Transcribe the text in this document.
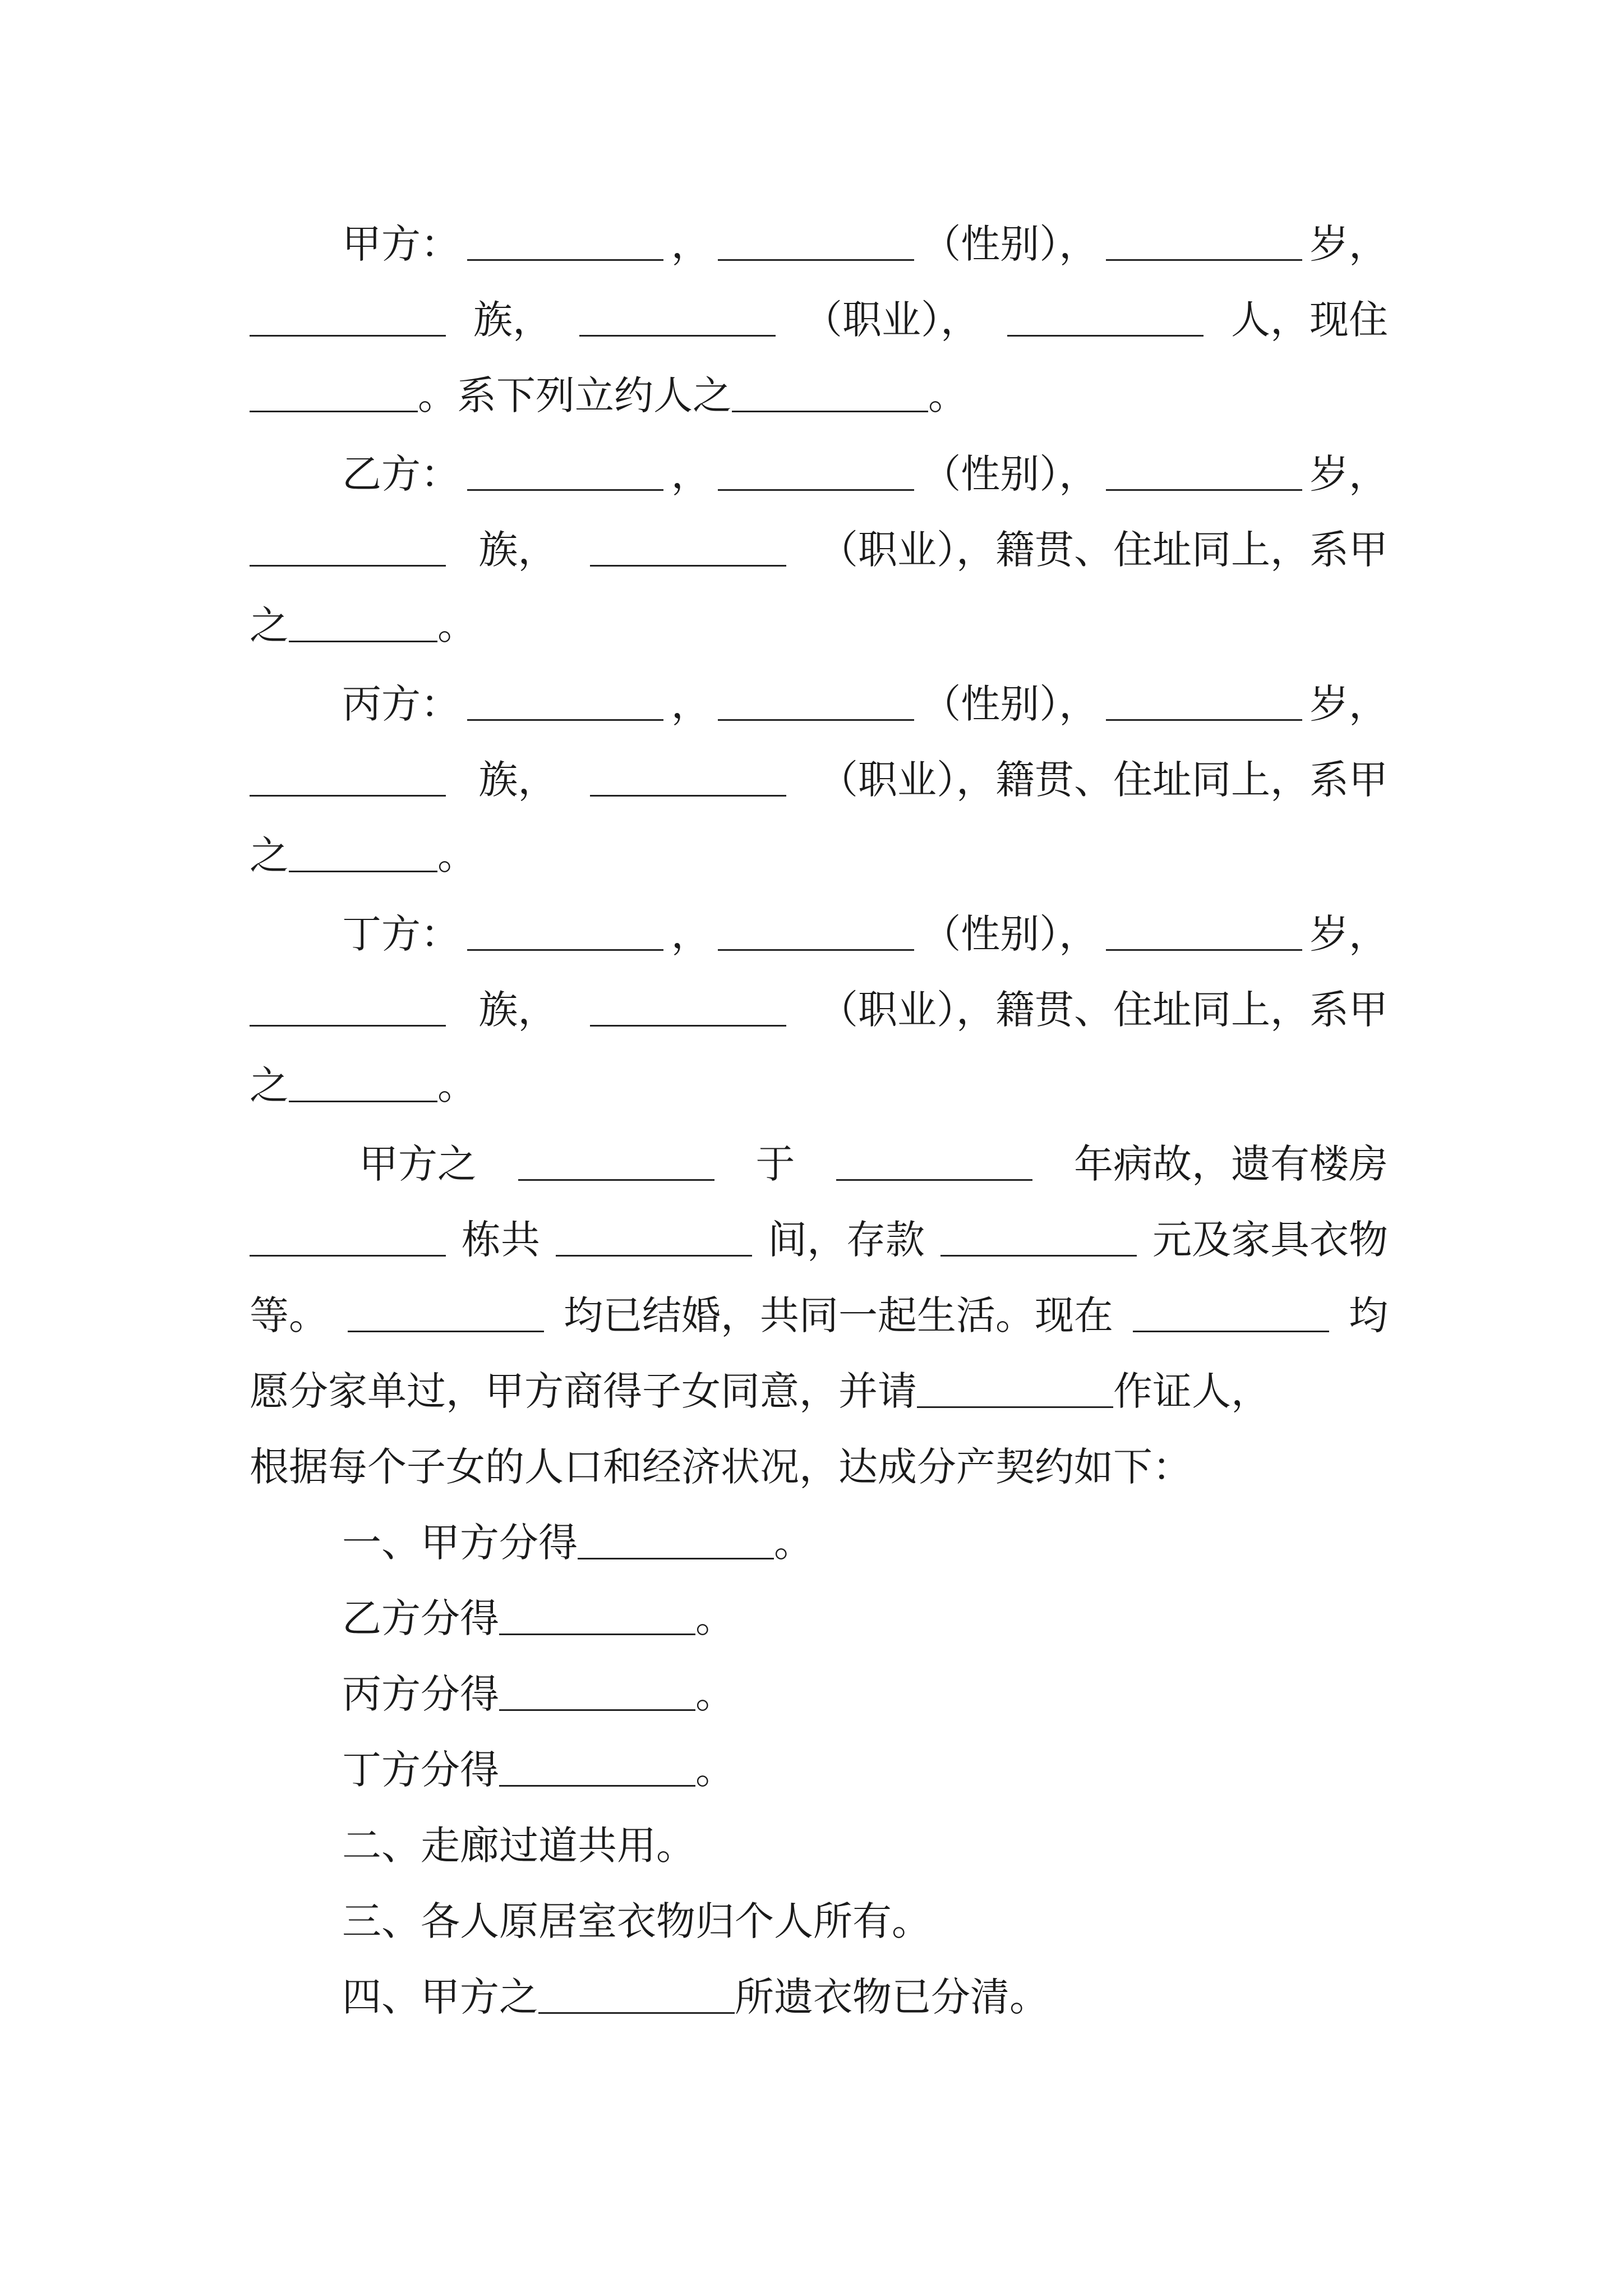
甲方：	，	（性别），	岁，
族，	（职业），	人，现住
。系下列立约人之	。
乙方：	，	（性别），	岁，
族，	（职业），籍贯、住址同上，系甲
之	。
丙方：	，	（性别），	岁，
族，	（职业），籍贯、住址同上，系甲
之	。
丁方：	，	（性别），	岁，
族，	（职业），籍贯、住址同上，系甲
之	。
甲方之	于	年病故，遗有楼房
栋共	间，存款	元及家具衣物
等。	均已结婚，共同一起生活。现在	均
愿分家单过，甲方商得子女同意，并请	作证人，
根据每个子女的人口和经济状况，达成分产契约如下：
一、甲方分得	。
乙方分得	。
丙方分得	。
丁方分得	。
二、走廊过道共用。
三、各人原居室衣物归个人所有。
四、甲方之	所遗衣物已分清。
